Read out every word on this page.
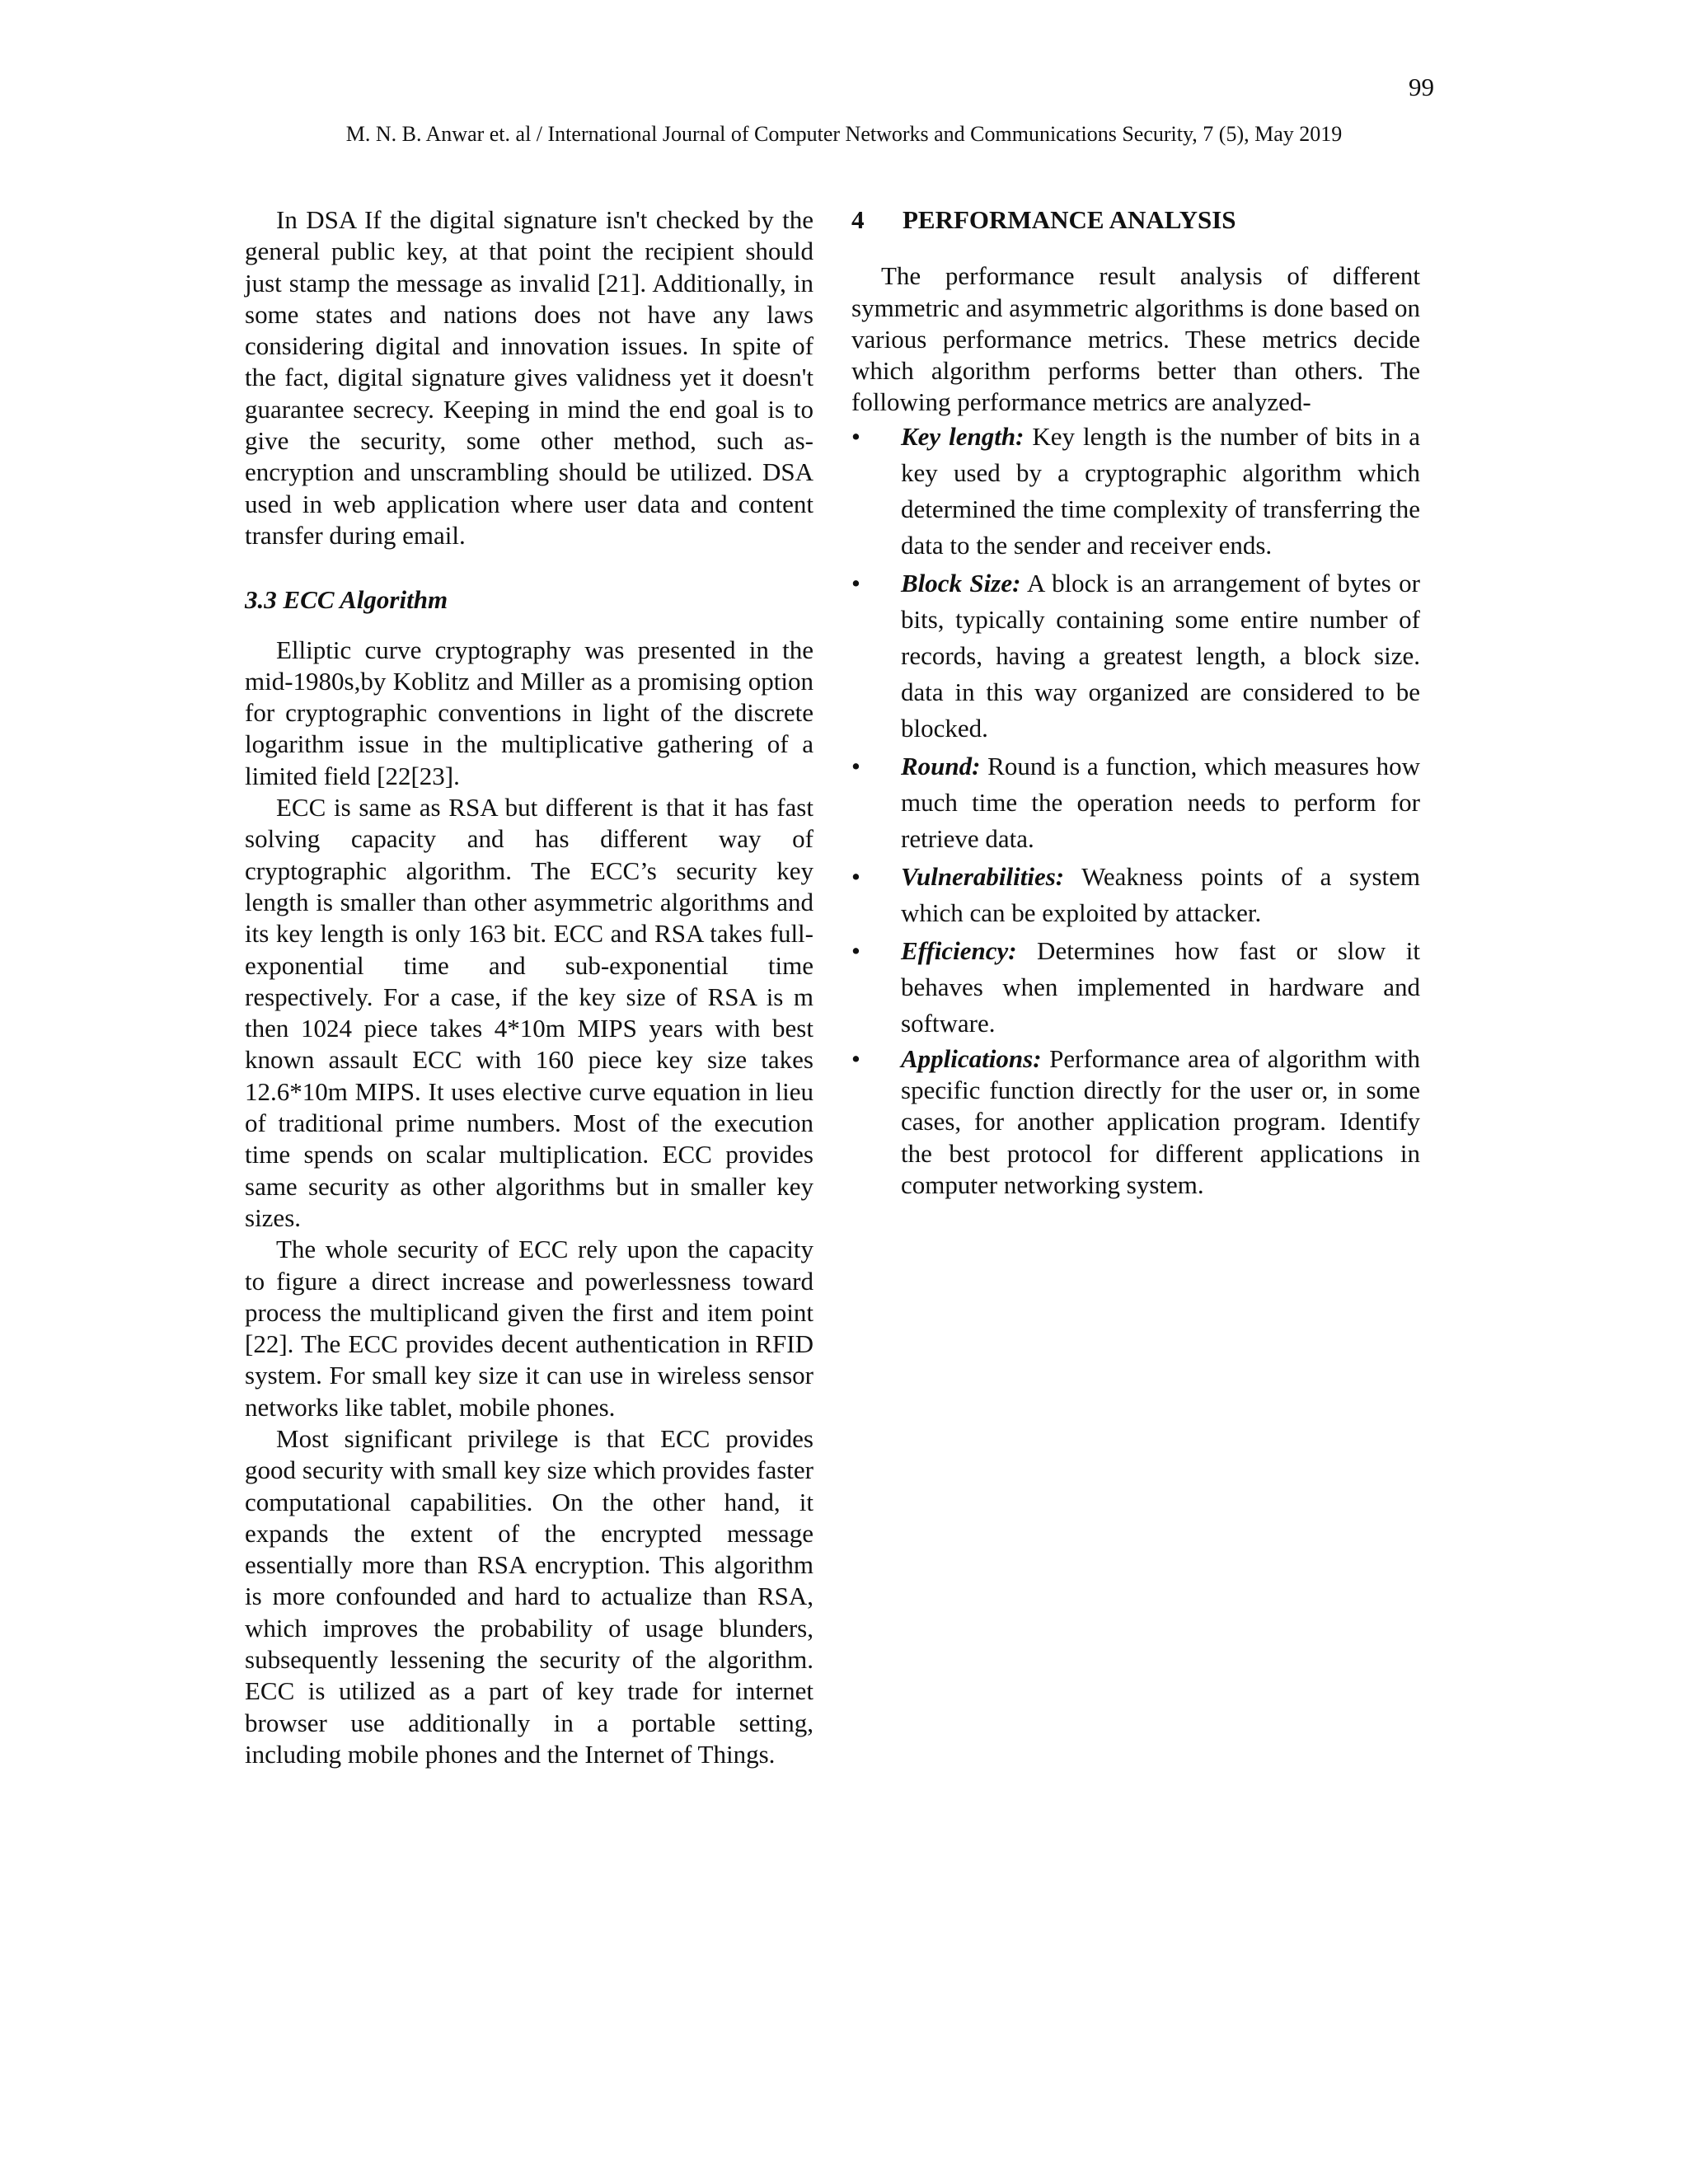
99
M. N. B. Anwar et. al / International Journal of Computer Networks and Communications Security, 7 (5), May 2019

In DSA If the digital signature isn't checked by the general public key, at that point the recipient should just stamp the message as invalid [21]. Additionally, in some states and nations does not have any laws considering digital and innovation issues. In spite of the fact, digital signature gives validness yet it doesn't guarantee secrecy. Keeping in mind the end goal is to give the security, some other method, such as- encryption and unscrambling should be utilized. DSA used in web application where user data and content transfer during email.

3.3 ECC Algorithm

Elliptic curve cryptography was presented in the mid-1980s,by Koblitz and Miller as a promising option for cryptographic conventions in light of the discrete logarithm issue in the multiplicative gathering of a limited field [22[23].

ECC is same as RSA but different is that it has fast solving capacity and has different way of cryptographic algorithm. The ECC’s security key length is smaller than other asymmetric algorithms and its key length is only 163 bit. ECC and RSA takes full-exponential time and sub-exponential time respectively. For a case, if the key size of RSA is m then 1024 piece takes 4*10m MIPS years with best known assault ECC with 160 piece key size takes 12.6*10m MIPS. It uses elective curve equation in lieu of traditional prime numbers. Most of the execution time spends on scalar multiplication. ECC provides same security as other algorithms but in smaller key sizes.

The whole security of ECC rely upon the capacity to figure a direct increase and powerlessness toward process the multiplicand given the first and item point [22]. The ECC provides decent authentication in RFID system. For small key size it can use in wireless sensor networks like tablet, mobile phones.

Most significant privilege is that ECC provides good security with small key size which provides faster computational capabilities. On the other hand, it expands the extent of the encrypted message essentially more than RSA encryption. This algorithm is more confounded and hard to actualize than RSA, which improves the probability of usage blunders, subsequently lessening the security of the algorithm. ECC is utilized as a part of key trade for internet browser use additionally in a portable setting, including mobile phones and the Internet of Things.

4	PERFORMANCE ANALYSIS

The performance result analysis of different symmetric and asymmetric algorithms is done based on various performance metrics. These metrics decide which algorithm performs better than others. The following performance metrics are analyzed-

• Key length: Key length is the number of bits in a key used by a cryptographic algorithm which determined the time complexity of transferring the data to the sender and receiver ends.
• Block Size: A block is an arrangement of bytes or bits, typically containing some entire number of records, having a greatest length, a block size. data in this way organized are considered to be blocked.
• Round: Round is a function, which measures how much time the operation needs to perform for retrieve data.
• Vulnerabilities: Weakness points of a system which can be exploited by attacker.
• Efficiency: Determines how fast or slow it behaves when implemented in hardware and software.
• Applications: Performance area of algorithm with specific function directly for the user or, in some cases, for another application program. Identify the best protocol for different applications in computer networking system.
